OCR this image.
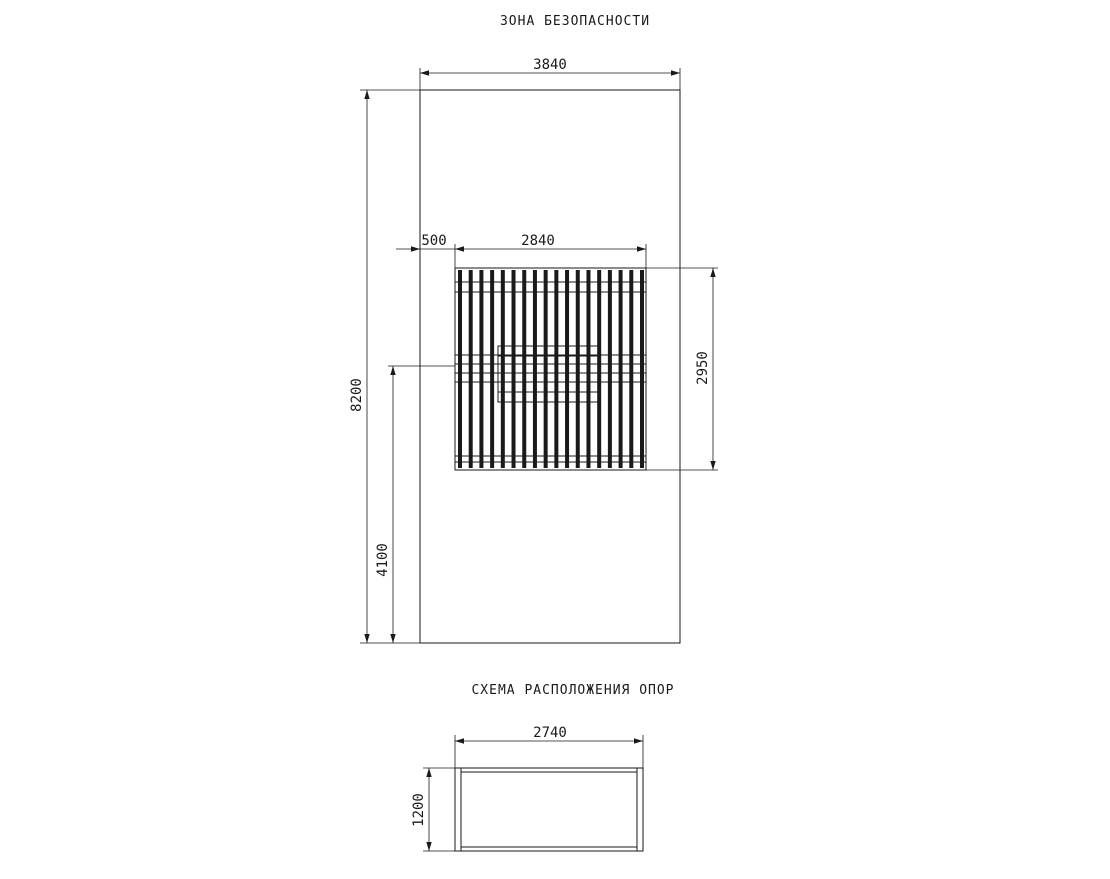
ЗОНА БЕЗОПАСНОСТИ
СХЕМА РАСПОЛОЖЕНИЯ ОПОР
3840
8200
500	2840
2950
4100
2740
1200
